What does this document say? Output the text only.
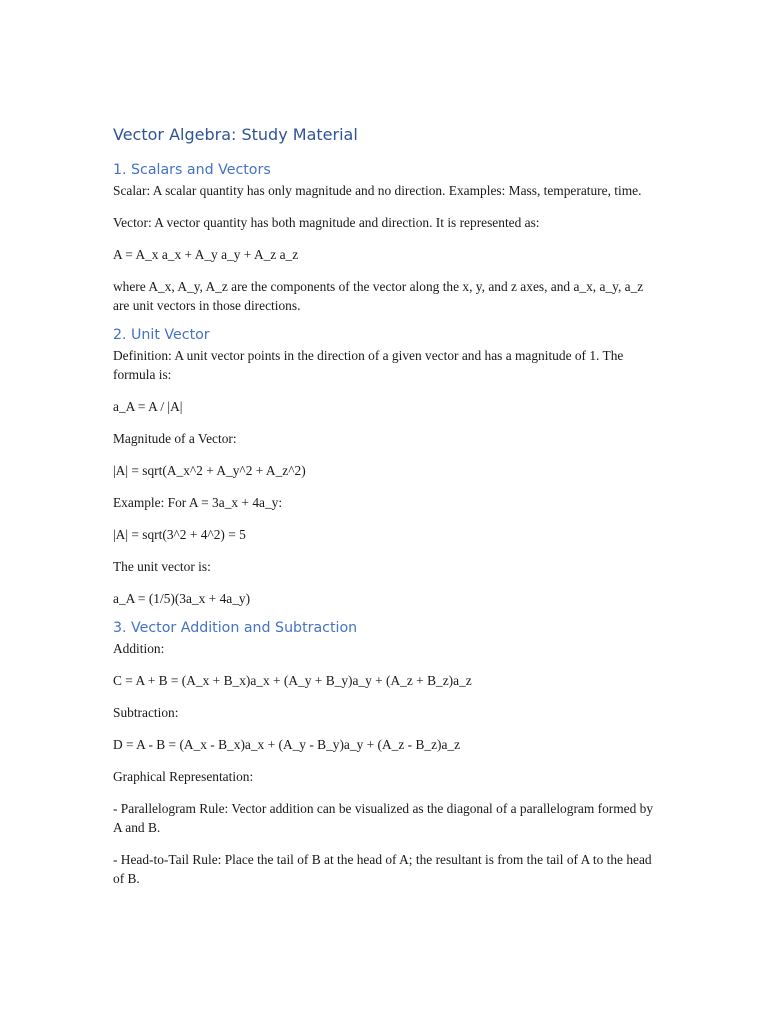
Vector Algebra: Study Material
1. Scalars and Vectors

Scalar: A scalar quantity has only magnitude and no direction. Examples: Mass, temperature, time.

Vector: A vector quantity has both magnitude and direction. It is represented as:

A = A_x a_x + A_y a_y + A_z a_z

where A_x, A_y, A_z are the components of the vector along the x, y, and z axes, and a_x, a_y, a_z are unit vectors in those directions.

2. Unit Vector

Definition: A unit vector points in the direction of a given vector and has a magnitude of 1. The formula is:

a_A = A / |A|

Magnitude of a Vector:

|A| = sqrt(A_x^2 + A_y^2 + A_z^2)

Example: For A = 3a_x + 4a_y:

|A| = sqrt(3^2 + 4^2) = 5

The unit vector is:

a_A = (1/5)(3a_x + 4a_y)

3. Vector Addition and Subtraction

Addition:

C = A + B = (A_x + B_x)a_x + (A_y + B_y)a_y + (A_z + B_z)a_z

Subtraction:

D = A - B = (A_x - B_x)a_x + (A_y - B_y)a_y + (A_z - B_z)a_z

Graphical Representation:

- Parallelogram Rule: Vector addition can be visualized as the diagonal of a parallelogram formed by A and B.

- Head-to-Tail Rule: Place the tail of B at the head of A; the resultant is from the tail of A to the head of B.
